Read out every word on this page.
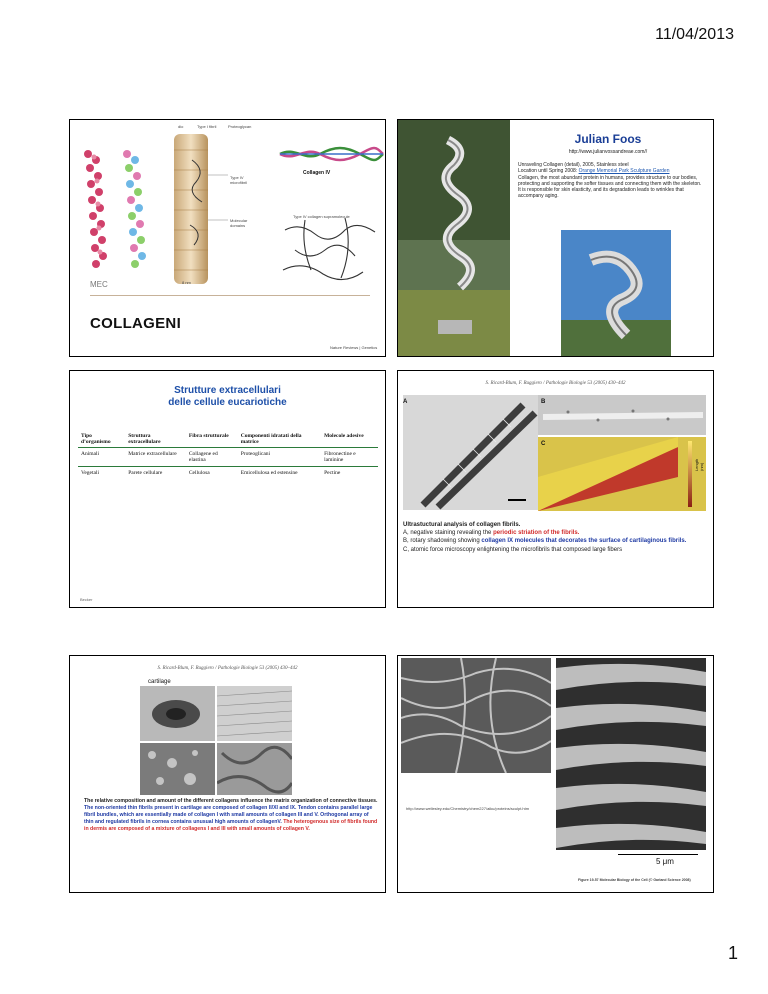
11/04/2013
dio	Type I fibril	Proteoglycan
Type IV microfibril
Molecular domains
8 nm
Collagen IV
Type IV collagen supramolecule
Nature Reviews | Genetics
MEC
COLLAGENI
Julian Foos
http://www.julianvossandreae.com//
Unraveling Collagen (detail), 2005, Stainless steel
Location until Spring 2008: Orange Memorial Park Sculpture Garden
Collagen, the most abundant protein in humans, provides structure to our bodies, protecting and supporting the softer tissues and connecting them with the skeleton. It is responsible for skin elasticity, and its degradation leads to wrinkles that accompany aging.
Strutture extracellulari
delle cellule eucariotiche
Tipo d’organismo	Struttura extracellulare	Fibra strutturale	Componenti idratati della matrice	Molecole adesive
Animali	Matrice extracellulare	Collagene ed elastina	Proteoglicani	Fibronectine e laminine
Vegetali	Parete cellulare	Cellulosa	Emicellulosa ed estensine	Pectine
Becker
S. Ricard-Blum, F. Ruggiero / Pathologie Biologie 53 (2005) 430–442
Length (nm)
A	B
C
Ultrastuctural analysis of collagen fibrils.
A, negative staining revealing the periodic striation of the fibrils.
B, rotary shadowing showing collagen IX molecules that decorates the surface of cartilaginous fibrils.
C, atomic force microscopy enlightening the microfibrils that composed large fibers
S. Ricard-Blum, F. Ruggiero / Pathologie Biologie 53 (2005) 430–442
cartilage
The relative composition and amount of the different collagens influence the matrix organization of connective tissues. The non-oriented thin fibrils present in cartilage are composed of collagen II/XI and IX. Tendon contains parallel large fibril bundles, which are essentially made of collagen I with small amounts of collagen III and V. Orthogonal array of thin and regulated fibrils in cornea contains unusual high amounts of collagenV. The heterogenous size of fibrils found in dermis are composed of a mixture of collagens I and III with small amounts of collagen V.
http://www.wellesley.edu/Chemistry/chem227/aiku/proteins/sculpt.htm
5 μm
Figure 19-57 Molecular Biology of the Cell (© Garland Science 2008)
1
